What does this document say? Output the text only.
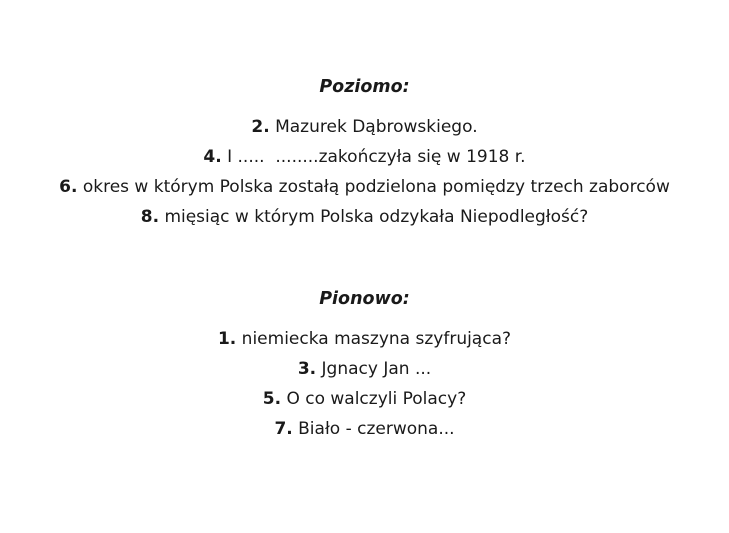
Poziomo:
2. Mazurek Dąbrowskiego.
4. I .....  ........zakończyła się w 1918 r.
6. okres w którym Polska zostałą podzielona pomiędzy trzech zaborców
8. mięsiąc w którym Polska odzykała Niepodległość?
Pionowo:
1. niemiecka maszyna szyfrująca?
3. Jgnacy Jan ...
5. O co walczyli Polacy?
7. Biało - czerwona...
